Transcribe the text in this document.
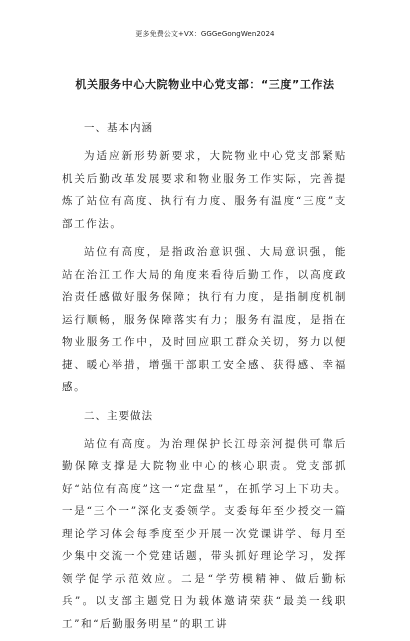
更多免费公文+VX：GGGeGongWen2024
机关服务中心大院物业中心党支部：“三度”工作法

一、基本内涵

为适应新形势新要求，大院物业中心党支部紧贴机关后勤改革发展要求和物业服务工作实际，完善提炼了站位有高度、执行有力度、服务有温度“三度”支部工作法。

站位有高度，是指政治意识强、大局意识强，能站在治江工作大局的角度来看待后勤工作，以高度政治责任感做好服务保障；执行有力度，是指制度机制运行顺畅，服务保障落实有力；服务有温度，是指在物业服务工作中，及时回应职工群众关切，努力以便捷、暖心举措，增强干部职工安全感、获得感、幸福感。

二、主要做法

站位有高度。为治理保护长江母亲河提供可靠后勤保障支撑是大院物业中心的核心职责。党支部抓好“站位有高度”这一“定盘星”，在抓学习上下功夫。一是“三个一”深化支委领学。支委每年至少授交一篇理论学习体会每季度至少开展一次党课讲学、每月至少集中交流一个党建话题，带头抓好理论学习，发挥领学促学示范效应。二是“学劳模精神、做后勤标兵”。以支部主题党日为载体邀请荣获“最美一线职工”和“后勤服务明星”的职工讲
